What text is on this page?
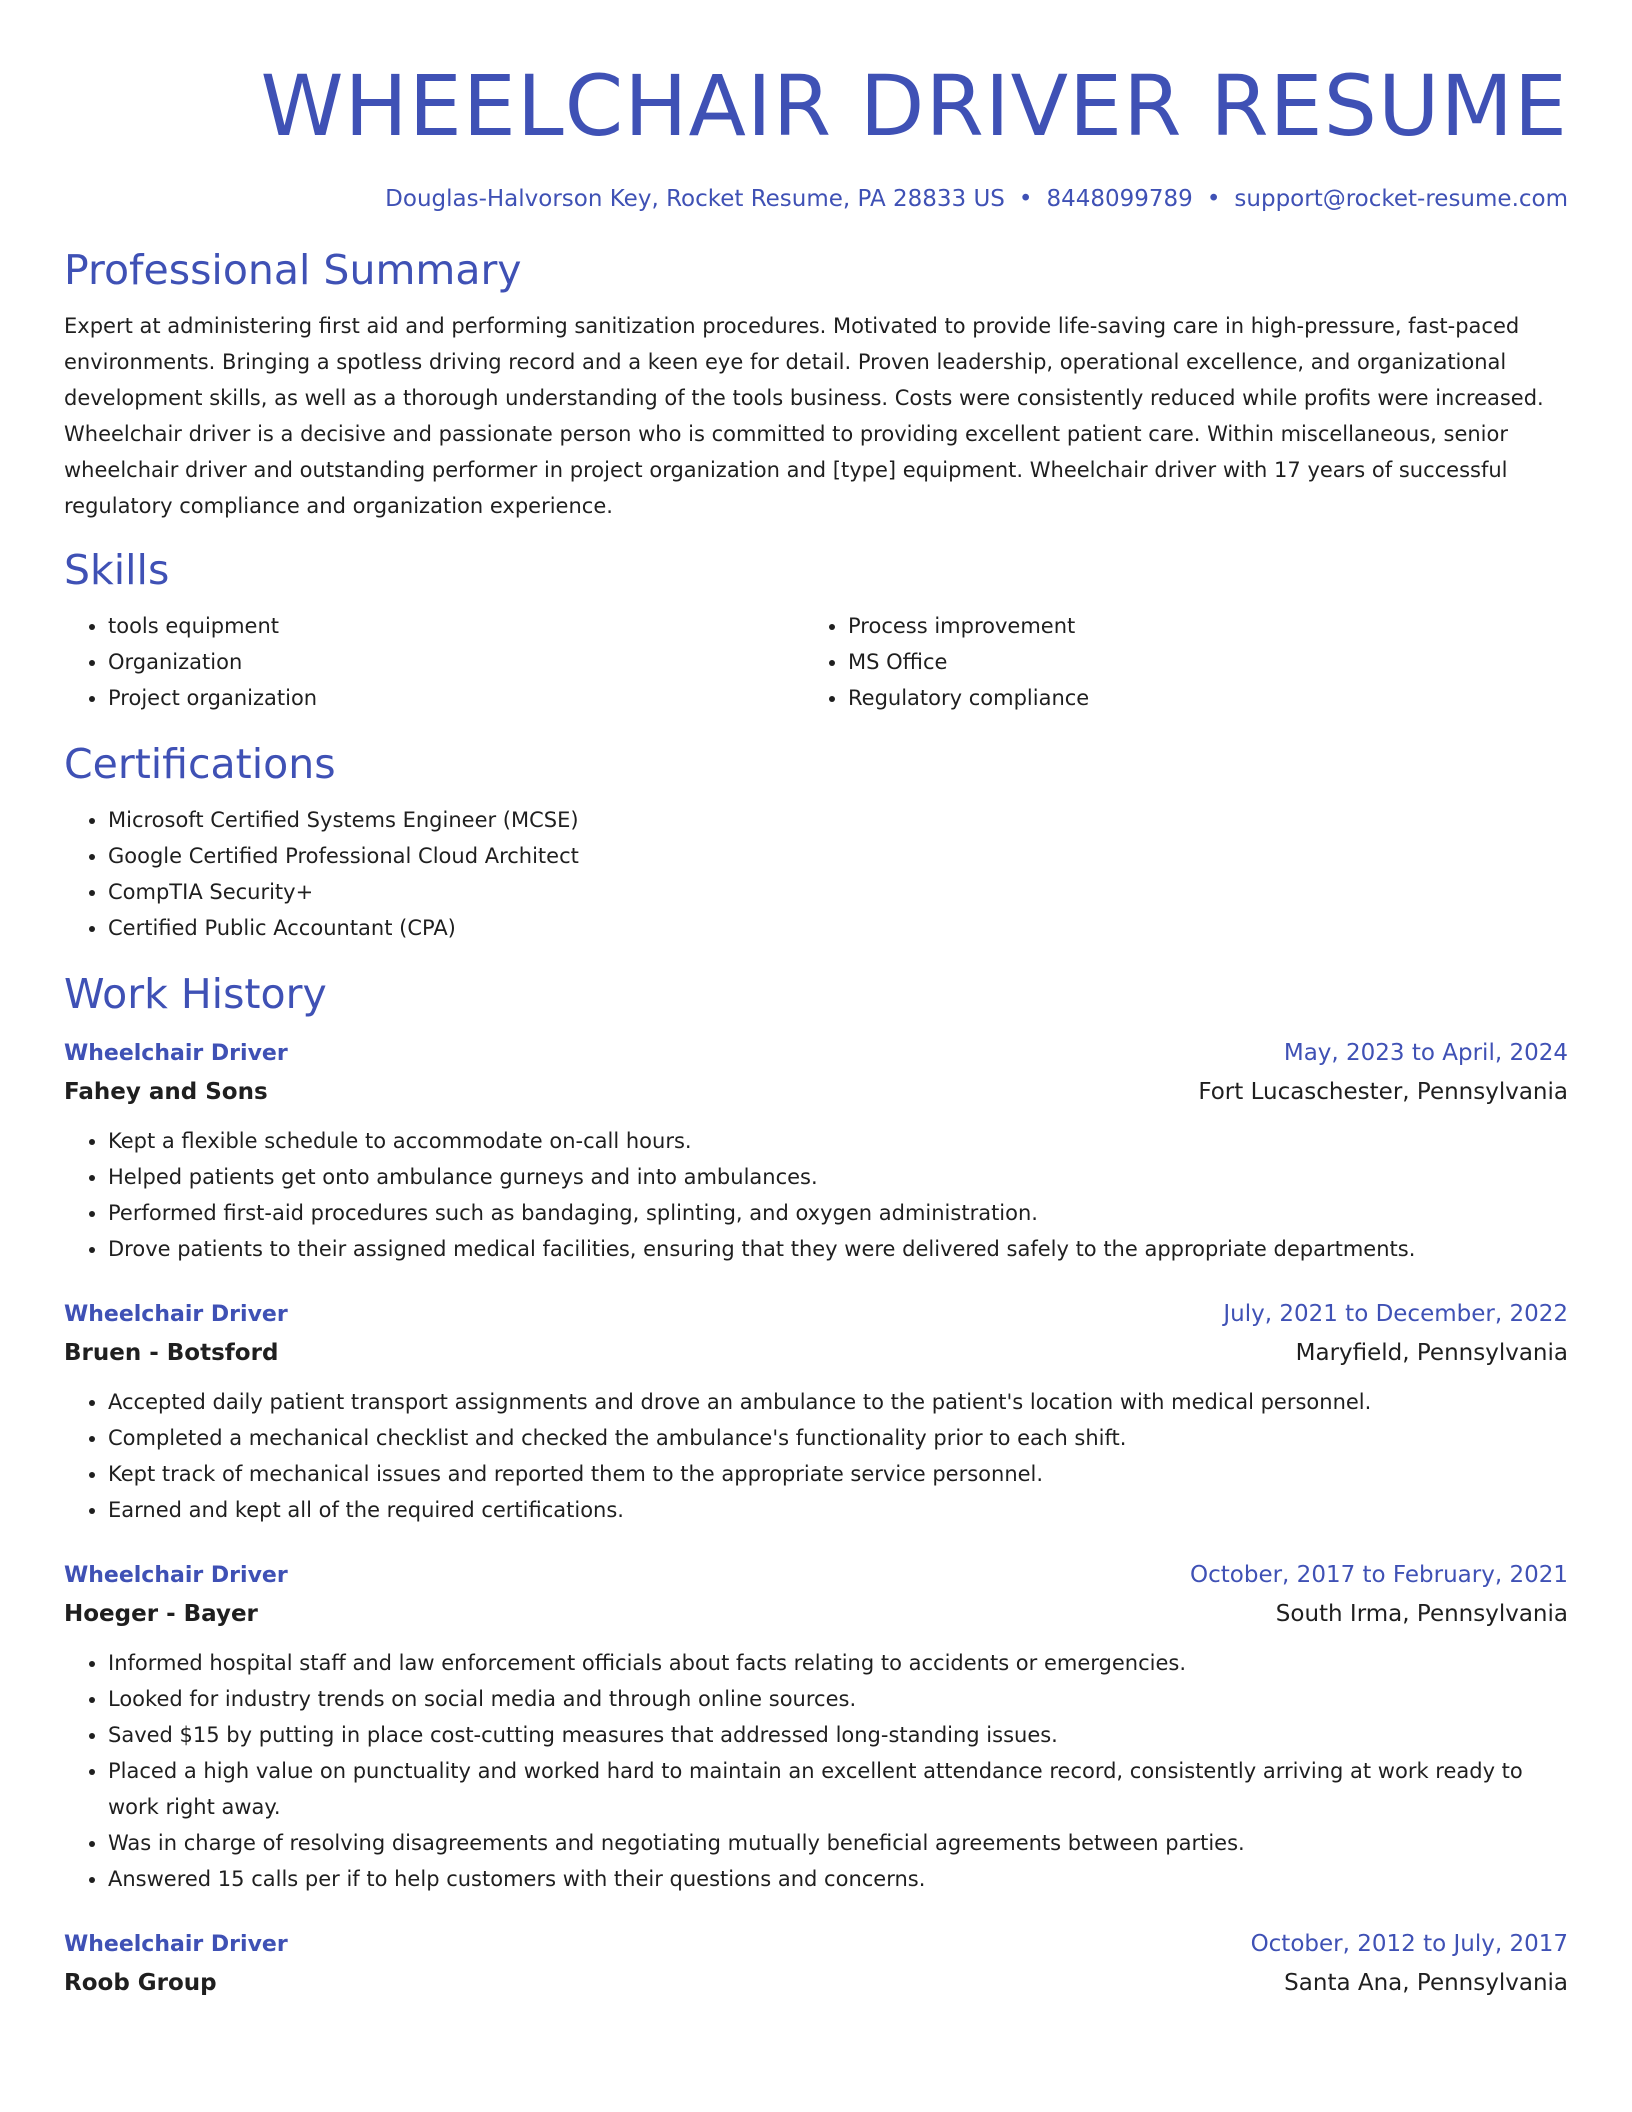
WHEELCHAIR DRIVER RESUME
Douglas-Halvorson Key, Rocket Resume, PA 28833 US • 8448099789 • support@rocket-resume.com
Professional Summary
Expert at administering first aid and performing sanitization procedures. Motivated to provide life-saving care in high-pressure, fast-paced environments. Bringing a spotless driving record and a keen eye for detail. Proven leadership, operational excellence, and organizational development skills, as well as a thorough understanding of the tools business. Costs were consistently reduced while profits were increased. Wheelchair driver is a decisive and passionate person who is committed to providing excellent patient care. Within miscellaneous, senior wheelchair driver and outstanding performer in project organization and [type] equipment. Wheelchair driver with 17 years of successful regulatory compliance and organization experience.
Skills
• tools equipment
• Organization
• Project organization
• Process improvement
• MS Office
• Regulatory compliance
Certifications
• Microsoft Certified Systems Engineer (MCSE)
• Google Certified Professional Cloud Architect
• CompTIA Security+
• Certified Public Accountant (CPA)
Work History
Wheelchair Driver	May, 2023 to April, 2024
Fahey and Sons	Fort Lucaschester, Pennsylvania
• Kept a flexible schedule to accommodate on-call hours.
• Helped patients get onto ambulance gurneys and into ambulances.
• Performed first-aid procedures such as bandaging, splinting, and oxygen administration.
• Drove patients to their assigned medical facilities, ensuring that they were delivered safely to the appropriate departments.
Wheelchair Driver	July, 2021 to December, 2022
Bruen - Botsford	Maryfield, Pennsylvania
• Accepted daily patient transport assignments and drove an ambulance to the patient's location with medical personnel.
• Completed a mechanical checklist and checked the ambulance's functionality prior to each shift.
• Kept track of mechanical issues and reported them to the appropriate service personnel.
• Earned and kept all of the required certifications.
Wheelchair Driver	October, 2017 to February, 2021
Hoeger - Bayer	South Irma, Pennsylvania
• Informed hospital staff and law enforcement officials about facts relating to accidents or emergencies.
• Looked for industry trends on social media and through online sources.
• Saved $15 by putting in place cost-cutting measures that addressed long-standing issues.
• Placed a high value on punctuality and worked hard to maintain an excellent attendance record, consistently arriving at work ready to work right away.
• Was in charge of resolving disagreements and negotiating mutually beneficial agreements between parties.
• Answered 15 calls per if to help customers with their questions and concerns.
Wheelchair Driver	October, 2012 to July, 2017
Roob Group	Santa Ana, Pennsylvania
